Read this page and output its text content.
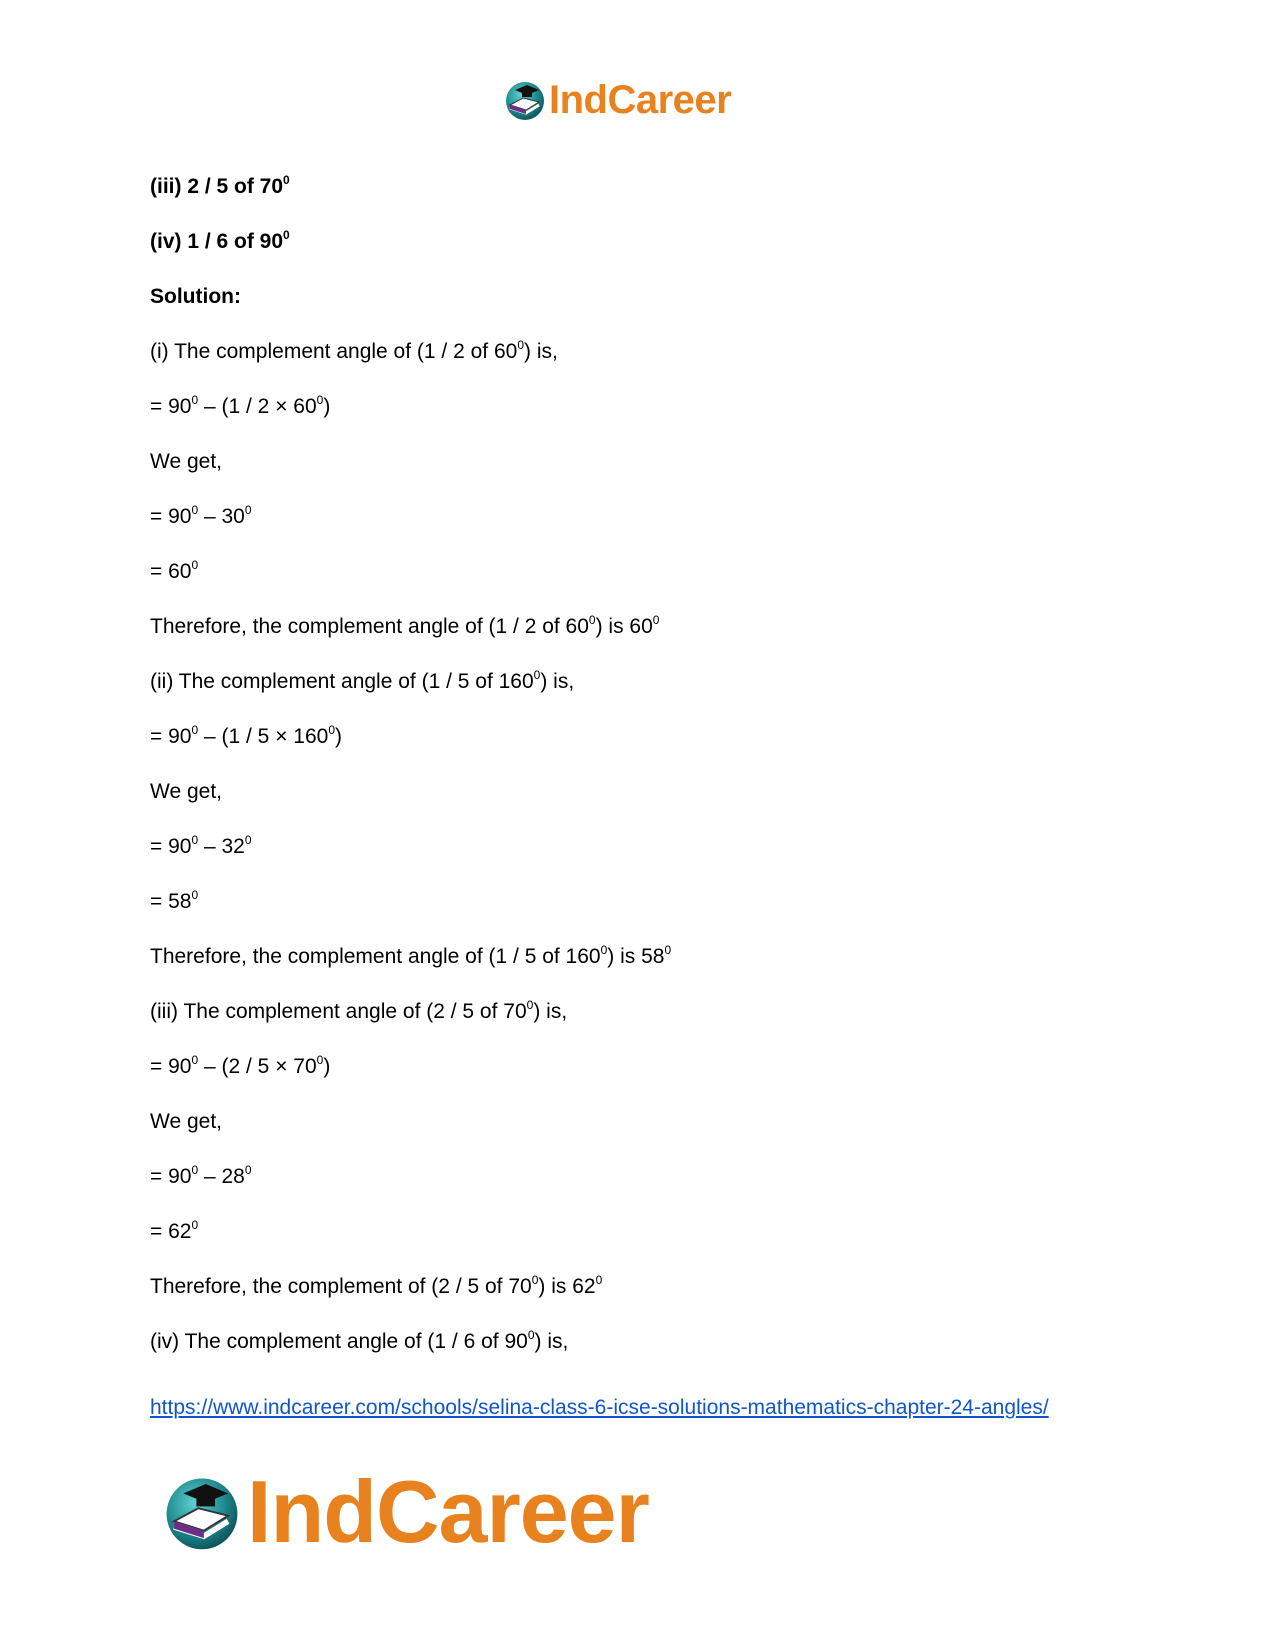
IndCareer
(iii) 2 / 5 of $70^0$
(iv) 1 / 6 of $90^0$
Solution:
(i) The complement angle of (1 / 2 of $60^0$) is,
= $90^0 - (1 / 2 \times 60^0)$
We get,
= $90^0 - 30^0$
= $60^0$
Therefore, the complement angle of (1 / 2 of $60^0$) is $60^0$
(ii) The complement angle of (1 / 5 of $160^0$) is,
= $90^0 - (1 / 5 \times 160^0)$
We get,
= $90^0 - 32^0$
= $58^0$
Therefore, the complement angle of (1 / 5 of $160^0$) is $58^0$
(iii) The complement angle of (2 / 5 of $70^0$) is,
= $90^0 - (2 / 5 \times 70^0)$
We get,
= $90^0 - 28^0$
= $62^0$
Therefore, the complement of (2 / 5 of $70^0$) is $62^0$
(iv) The complement angle of (1 / 6 of $90^0$) is,
https://www.indcareer.com/schools/selina-class-6-icse-solutions-mathematics-chapter-24-angles/
IndCareer
